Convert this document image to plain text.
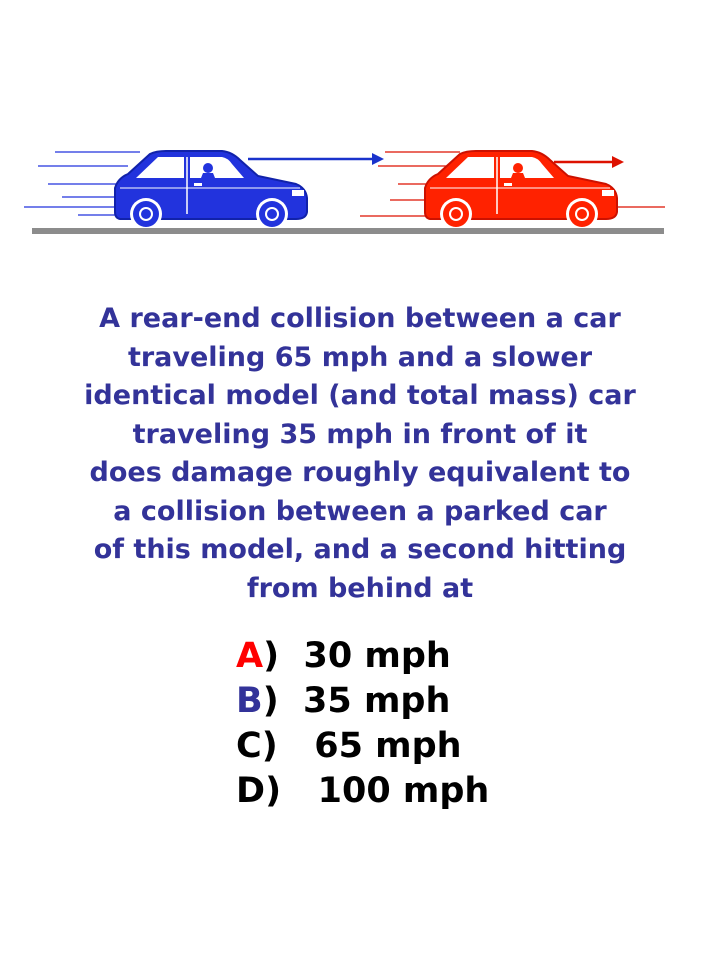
A rear-end collision between a car
traveling 65 mph and a slower
identical model (and total mass) car
traveling 35 mph in front of it
does damage roughly equivalent to
a collision between a parked car
of this model, and a second hitting
from behind at
A)  30 mph
B)  35 mph
C)   65 mph
D)   100 mph
